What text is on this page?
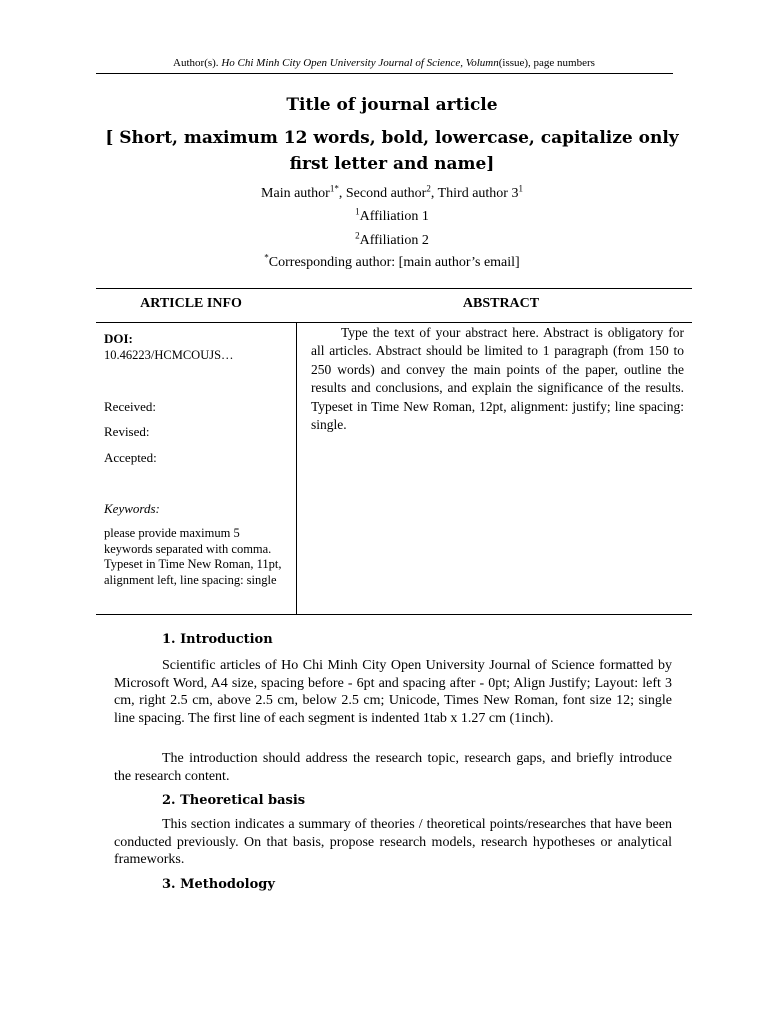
Author(s). Ho Chi Minh City Open University Journal of Science, Volumn(issue), page numbers
Title of journal article
[ Short, maximum 12 words, bold, lowercase, capitalize only first letter and name]
Main author$^{1*}$, Second author$^2$, Third author $3^1$
$^1$Affiliation 1
$^2$Affiliation 2
*Corresponding author: [main author’s email]
ARTICLE INFO	ABSTRACT
DOI:
10.46223/HCMCOUJS…
Received:
Revised:
Accepted:
Keywords:
please provide maximum 5 keywords separated with comma. Typeset in Time New Roman, 11pt, alignment left, line spacing: single
Type the text of your abstract here. Abstract is obligatory for all articles. Abstract should be limited to 1 paragraph (from 150 to 250 words) and convey the main points of the paper, outline the results and conclusions, and explain the significance of the results. Typeset in Time New Roman, 12pt, alignment: justify; line spacing: single.
1. Introduction
Scientific articles of Ho Chi Minh City Open University Journal of Science formatted by Microsoft Word, A4 size, spacing before - 6pt and spacing after - 0pt; Align Justify; Layout: left 3 cm, right 2.5 cm, above 2.5 cm, below 2.5 cm; Unicode, Times New Roman, font size 12; single line spacing. The first line of each segment is indented 1tab x 1.27 cm (1inch).
The introduction should address the research topic, research gaps, and briefly introduce the research content.
2. Theoretical basis
This section indicates a summary of theories / theoretical points/researches that have been conducted previously. On that basis, propose research models, research hypotheses or analytical frameworks.
3. Methodology
